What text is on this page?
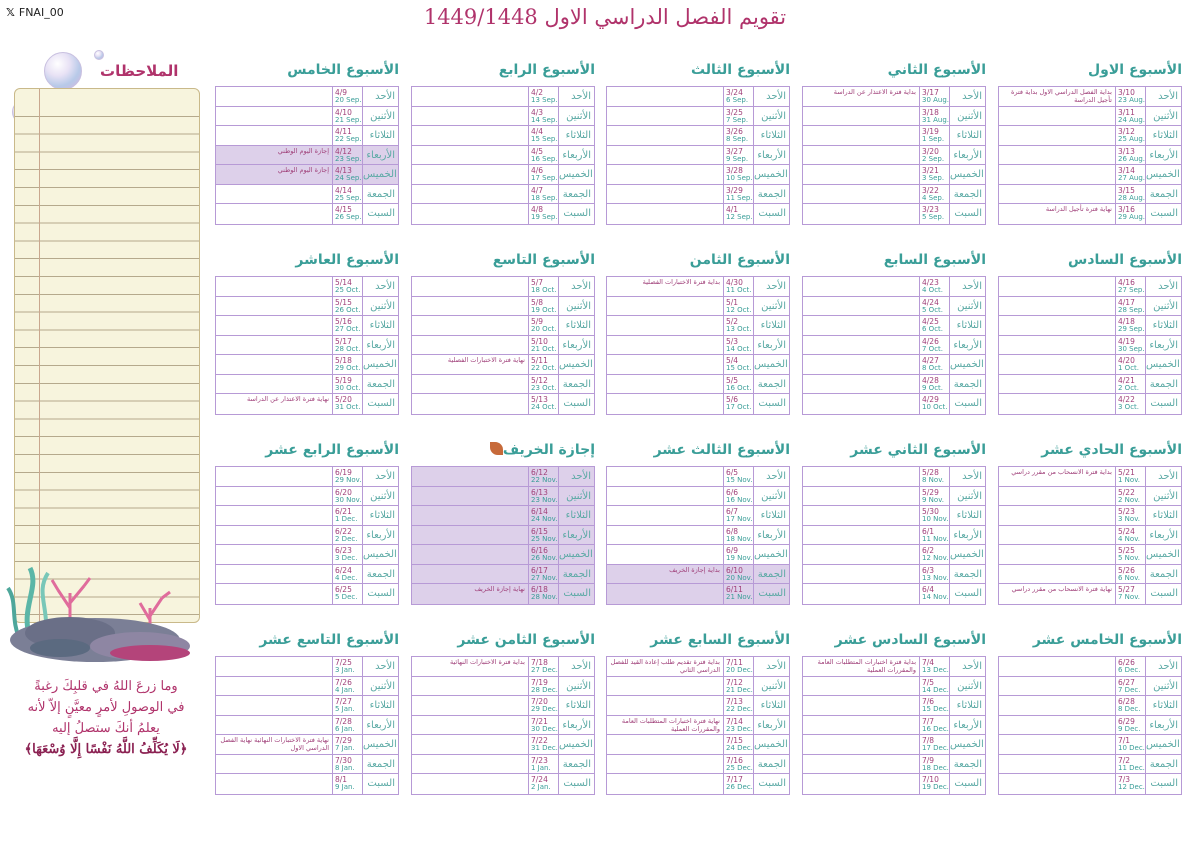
𝕏 FNAI_00	تقويم الفصل الدراسي الاول 1449/1448
الملاحظات
وما زرعَ اللهُ في قلبِكَ رغبةً
في الوصولِ لأمرٍ معيَّنٍ إلاّ لأنه
يعلمُ أنكَ ستصلُ إليه
﴿لَا يُكَلِّفُ اللَّهُ نَفْسًا إِلَّا وُسْعَهَا﴾
الأسبوع الاول
الأحد
3/10
23 Aug.
بداية الفصل الدراسي الاول بداية فترة تأجيل الدراسة
الأثنين
3/11
24 Aug.
الثلاثاء
3/12
25 Aug.
الأربعاء
3/13
26 Aug.
الخميس
3/14
27 Aug.
الجمعة
3/15
28 Aug.
السبت
3/16
29 Aug.
نهاية فترة تأجيل الدراسة
الأسبوع الثاني
الأحد
3/17
30 Aug.
بداية فترة الاعتذار عن الدراسة
الأثنين
3/18
31 Aug.
الثلاثاء
3/19
1 Sep.
الأربعاء
3/20
2 Sep.
الخميس
3/21
3 Sep.
الجمعة
3/22
4 Sep.
السبت
3/23
5 Sep.
الأسبوع الثالث
الأحد
3/24
6 Sep.
الأثنين
3/25
7 Sep.
الثلاثاء
3/26
8 Sep.
الأربعاء
3/27
9 Sep.
الخميس
3/28
10 Sep.
الجمعة
3/29
11 Sep.
السبت
4/1
12 Sep.
الأسبوع الرابع
الأحد
4/2
13 Sep.
الأثنين
4/3
14 Sep.
الثلاثاء
4/4
15 Sep.
الأربعاء
4/5
16 Sep.
الخميس
4/6
17 Sep.
الجمعة
4/7
18 Sep.
السبت
4/8
19 Sep.
الأسبوع الخامس
الأحد
4/9
20 Sep.
الأثنين
4/10
21 Sep.
الثلاثاء
4/11
22 Sep.
الأربعاء
4/12
23 Sep.
إجازة اليوم الوطني
الخميس
4/13
24 Sep.
إجازة اليوم الوطني
الجمعة
4/14
25 Sep.
السبت
4/15
26 Sep.
الأسبوع السادس
الأحد
4/16
27 Sep.
الأثنين
4/17
28 Sep.
الثلاثاء
4/18
29 Sep.
الأربعاء
4/19
30 Sep.
الخميس
4/20
1 Oct.
الجمعة
4/21
2 Oct.
السبت
4/22
3 Oct.
الأسبوع السابع
الأحد
4/23
4 Oct.
الأثنين
4/24
5 Oct.
الثلاثاء
4/25
6 Oct.
الأربعاء
4/26
7 Oct.
الخميس
4/27
8 Oct.
الجمعة
4/28
9 Oct.
السبت
4/29
10 Oct.
الأسبوع الثامن
الأحد
4/30
11 Oct.
بداية فترة الاختبارات الفصلية
الأثنين
5/1
12 Oct.
الثلاثاء
5/2
13 Oct.
الأربعاء
5/3
14 Oct.
الخميس
5/4
15 Oct.
الجمعة
5/5
16 Oct.
السبت
5/6
17 Oct.
الأسبوع التاسع
الأحد
5/7
18 Oct.
الأثنين
5/8
19 Oct.
الثلاثاء
5/9
20 Oct.
الأربعاء
5/10
21 Oct.
الخميس
5/11
22 Oct.
نهاية فترة الاختبارات الفصلية
الجمعة
5/12
23 Oct.
السبت
5/13
24 Oct.
الأسبوع العاشر
الأحد
5/14
25 Oct.
الأثنين
5/15
26 Oct.
الثلاثاء
5/16
27 Oct.
الأربعاء
5/17
28 Oct.
الخميس
5/18
29 Oct.
الجمعة
5/19
30 Oct.
السبت
5/20
31 Oct.
نهاية فترة الاعتذار عن الدراسة
الأسبوع الحادي عشر
الأحد
5/21
1 Nov.
بداية فترة الانسحاب من مقرر دراسي
الأثنين
5/22
2 Nov.
الثلاثاء
5/23
3 Nov.
الأربعاء
5/24
4 Nov.
الخميس
5/25
5 Nov.
الجمعة
5/26
6 Nov.
السبت
5/27
7 Nov.
نهاية فترة الانسحاب من مقرر دراسي
الأسبوع الثاني عشر
الأحد
5/28
8 Nov.
الأثنين
5/29
9 Nov.
الثلاثاء
5/30
10 Nov.
الأربعاء
6/1
11 Nov.
الخميس
6/2
12 Nov.
الجمعة
6/3
13 Nov.
السبت
6/4
14 Nov.
الأسبوع الثالث عشر
الأحد
6/5
15 Nov.
الأثنين
6/6
16 Nov.
الثلاثاء
6/7
17 Nov.
الأربعاء
6/8
18 Nov.
الخميس
6/9
19 Nov.
الجمعة
6/10
20 Nov.
بداية إجازة الخريف
السبت
6/11
21 Nov.
إجازة الخريف
الأحد
6/12
22 Nov.
الأثنين
6/13
23 Nov.
الثلاثاء
6/14
24 Nov.
الأربعاء
6/15
25 Nov.
الخميس
6/16
26 Nov.
الجمعة
6/17
27 Nov.
السبت
6/18
28 Nov.
نهاية إجازة الخريف
الأسبوع الرابع عشر
الأحد
6/19
29 Nov.
الأثنين
6/20
30 Nov.
الثلاثاء
6/21
1 Dec.
الأربعاء
6/22
2 Dec.
الخميس
6/23
3 Dec.
الجمعة
6/24
4 Dec.
السبت
6/25
5 Dec.
الأسبوع الخامس عشر
الأحد
6/26
6 Dec.
الأثنين
6/27
7 Dec.
الثلاثاء
6/28
8 Dec.
الأربعاء
6/29
9 Dec.
الخميس
7/1
10 Dec.
الجمعة
7/2
11 Dec.
السبت
7/3
12 Dec.
الأسبوع السادس عشر
الأحد
7/4
13 Dec.
بداية فترة اختبارات المتطلبات العامة والمقررات العملية
الأثنين
7/5
14 Dec.
الثلاثاء
7/6
15 Dec.
الأربعاء
7/7
16 Dec.
الخميس
7/8
17 Dec.
الجمعة
7/9
18 Dec.
السبت
7/10
19 Dec.
الأسبوع السابع عشر
الأحد
7/11
20 Dec.
بداية فترة تقديم طلب إعادة القيد للفصل الدراسي الثاني
الأثنين
7/12
21 Dec.
الثلاثاء
7/13
22 Dec.
الأربعاء
7/14
23 Dec.
نهاية فترة اختبارات المتطلبات العامة والمقررات العملية
الخميس
7/15
24 Dec.
الجمعة
7/16
25 Dec.
السبت
7/17
26 Dec.
الأسبوع الثامن عشر
الأحد
7/18
27 Dec.
بداية فترة الاختبارات النهائية
الأثنين
7/19
28 Dec.
الثلاثاء
7/20
29 Dec.
الأربعاء
7/21
30 Dec.
الخميس
7/22
31 Dec.
الجمعة
7/23
1 Jan.
السبت
7/24
2 Jan.
الأسبوع التاسع عشر
الأحد
7/25
3 Jan.
الأثنين
7/26
4 Jan.
الثلاثاء
7/27
5 Jan.
الأربعاء
7/28
6 Jan.
الخميس
7/29
7 Jan.
نهاية فترة الاختبارات النهائية نهاية الفصل الدراسي الاول
الجمعة
7/30
8 Jan.
السبت
8/1
9 Jan.
